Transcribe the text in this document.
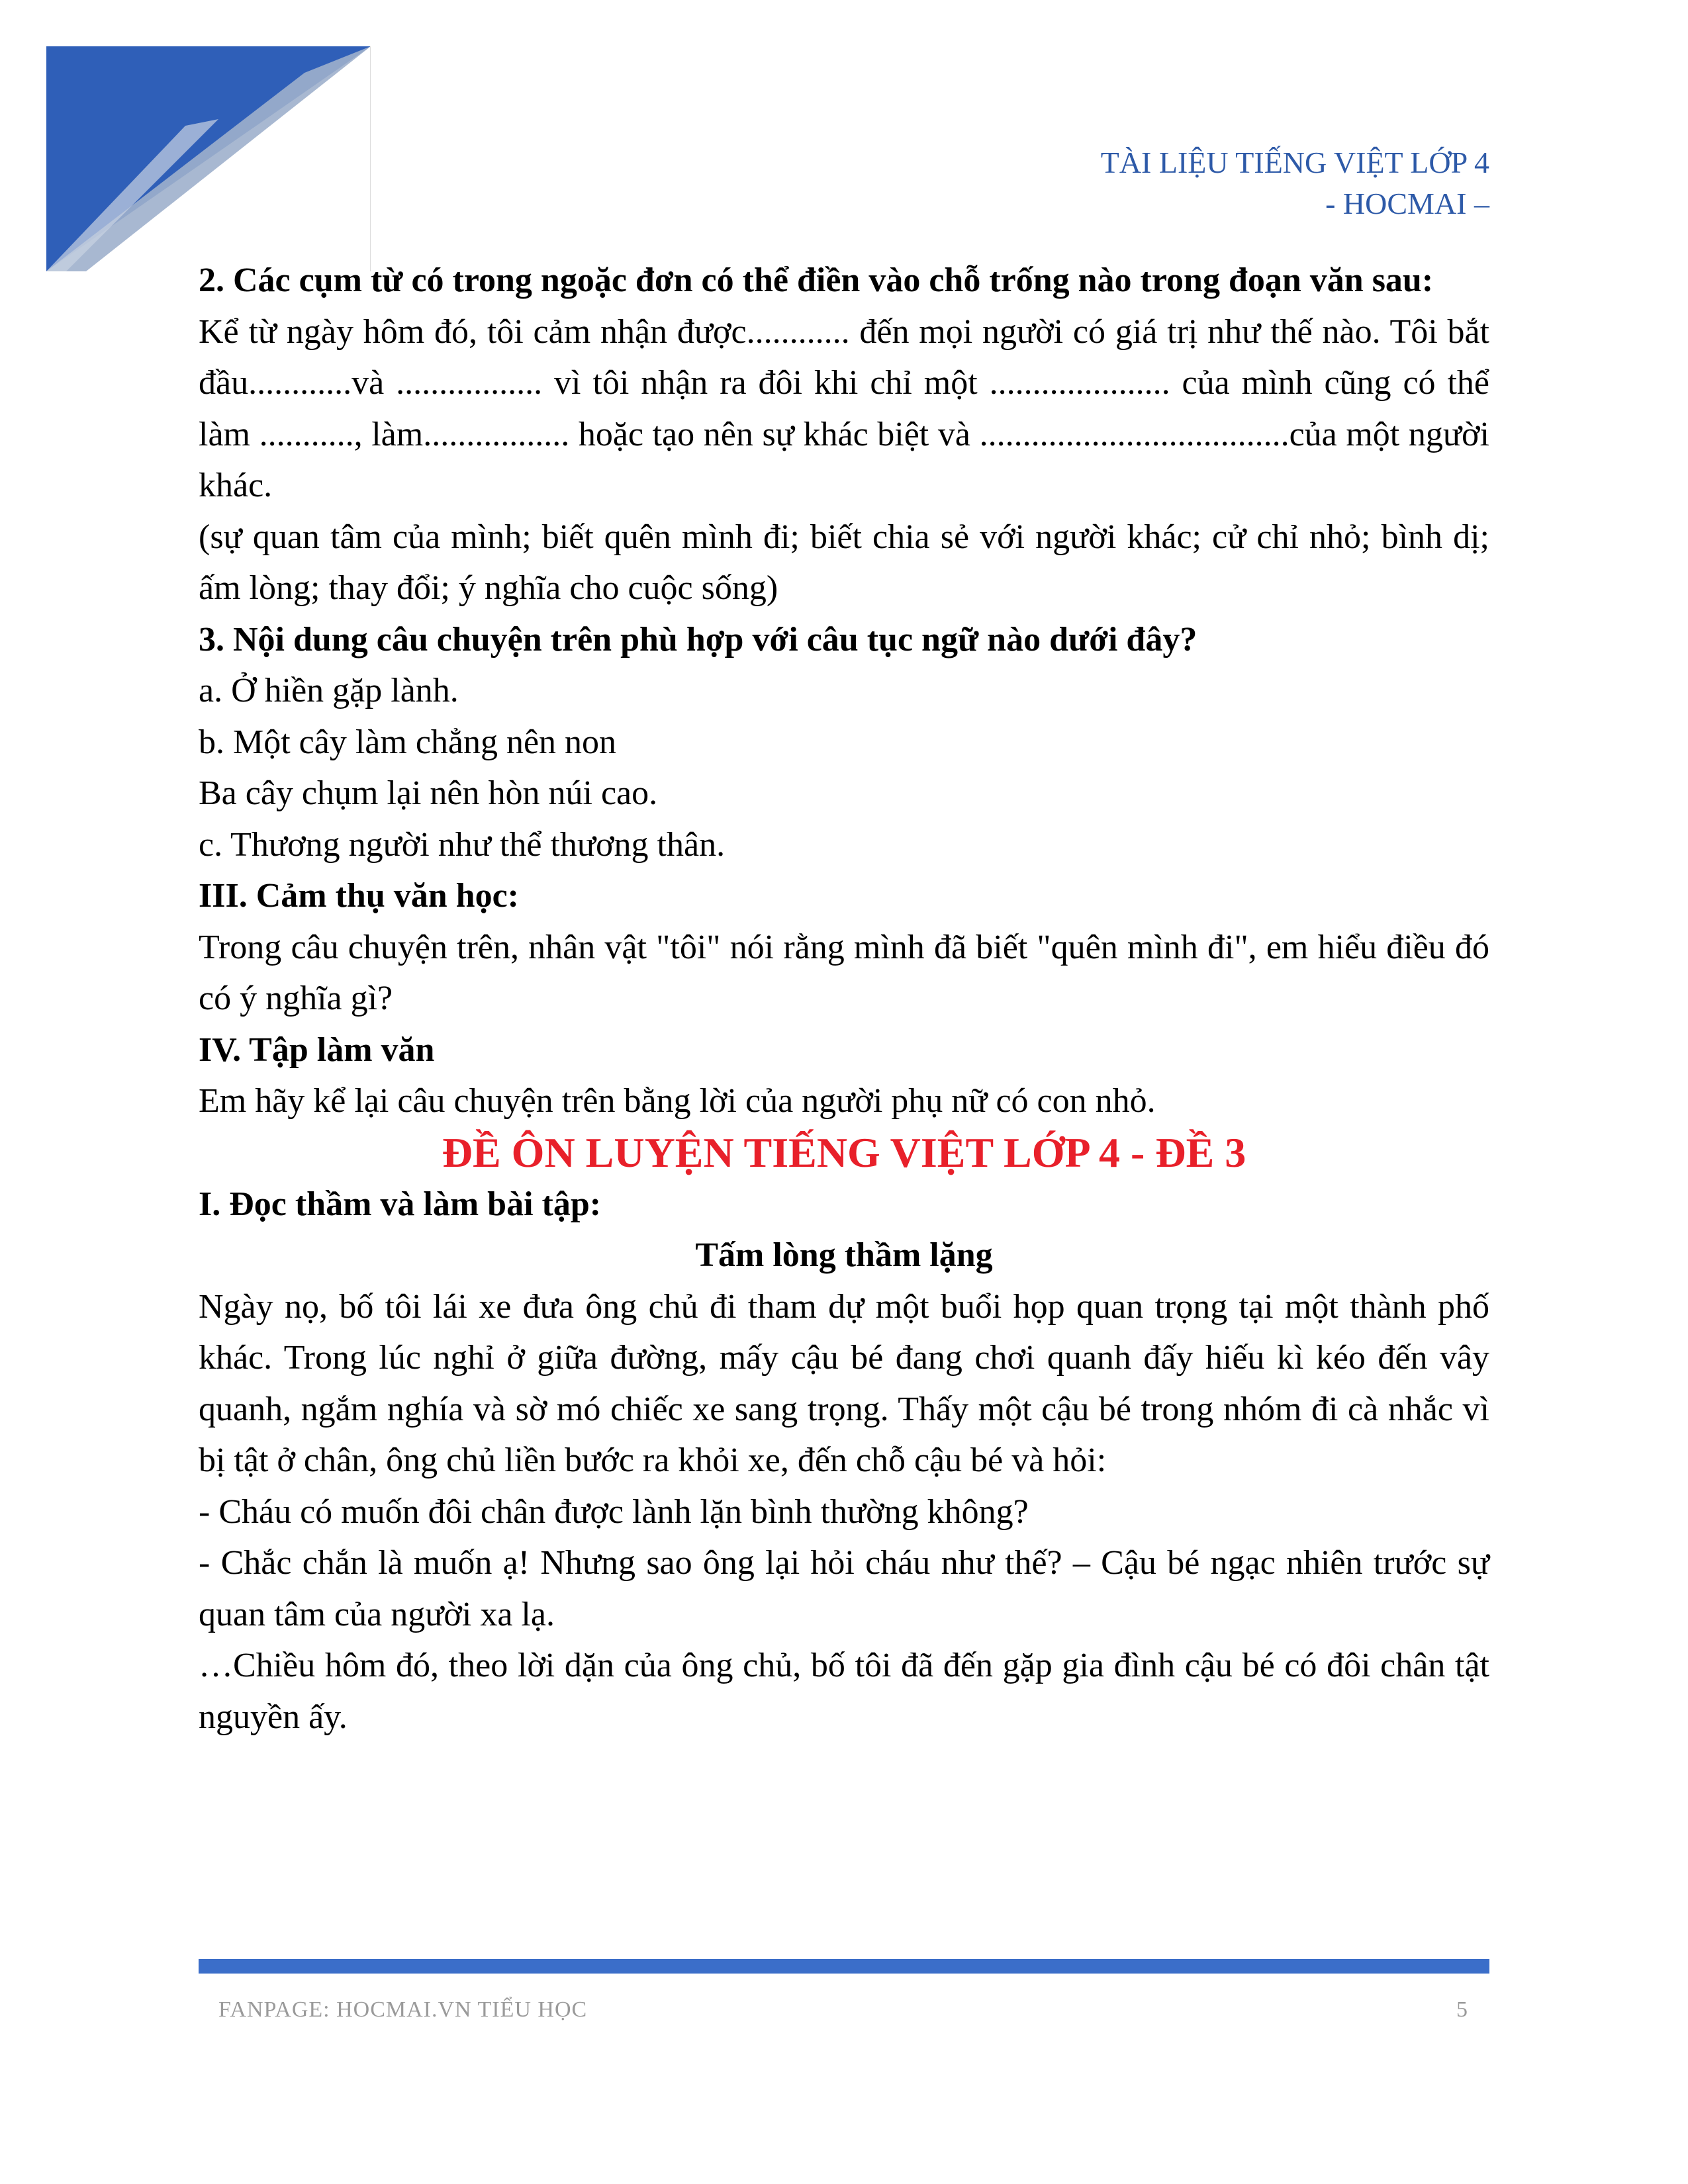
TÀI LIỆU TIẾNG VIỆT LỚP 4
- HOCMAI –

2. Các cụm từ có trong ngoặc đơn có thể điền vào chỗ trống nào trong đoạn văn sau:

Kể từ ngày hôm đó, tôi cảm nhận được............ đến mọi người có giá trị như thế nào. Tôi bắt đầu............và ................. vì tôi nhận ra đôi khi chỉ một ..................... của mình cũng có thể làm ..........., làm................. hoặc tạo nên sự khác biệt và ....................................của một người khác.

(sự quan tâm của mình; biết quên mình đi; biết chia sẻ với người khác; cử chỉ nhỏ; bình dị; ấm lòng; thay đổi; ý nghĩa cho cuộc sống)

3. Nội dung câu chuyện trên phù hợp với câu tục ngữ nào dưới đây?

a. Ở hiền gặp lành.

b. Một cây làm chẳng nên non

Ba cây chụm lại nên hòn núi cao.

c. Thương người như thể thương thân.

III. Cảm thụ văn học:

Trong câu chuyện trên, nhân vật "tôi" nói rằng mình đã biết "quên mình đi", em hiểu điều đó có ý nghĩa gì?

IV. Tập làm văn

Em hãy kể lại câu chuyện trên bằng lời của người phụ nữ có con nhỏ.

ĐỀ ÔN LUYỆN TIẾNG VIỆT LỚP 4 - ĐỀ 3

I. Đọc thầm và làm bài tập:

Tấm lòng thầm lặng

Ngày nọ, bố tôi lái xe đưa ông chủ đi tham dự một buổi họp quan trọng tại một thành phố khác. Trong lúc nghỉ ở giữa đường, mấy cậu bé đang chơi quanh đấy hiếu kì kéo đến vây quanh, ngắm nghía và sờ mó chiếc xe sang trọng. Thấy một cậu bé trong nhóm đi cà nhắc vì bị tật ở chân, ông chủ liền bước ra khỏi xe, đến chỗ cậu bé và hỏi:

- Cháu có muốn đôi chân được lành lặn bình thường không?

- Chắc chắn là muốn ạ! Nhưng sao ông lại hỏi cháu như thế? – Cậu bé ngạc nhiên trước sự quan tâm của người xa lạ.

…Chiều hôm đó, theo lời dặn của ông chủ, bố tôi đã đến gặp gia đình cậu bé có đôi chân tật nguyền ấy.

FANPAGE: HOCMAI.VN TIỂU HỌC	5
